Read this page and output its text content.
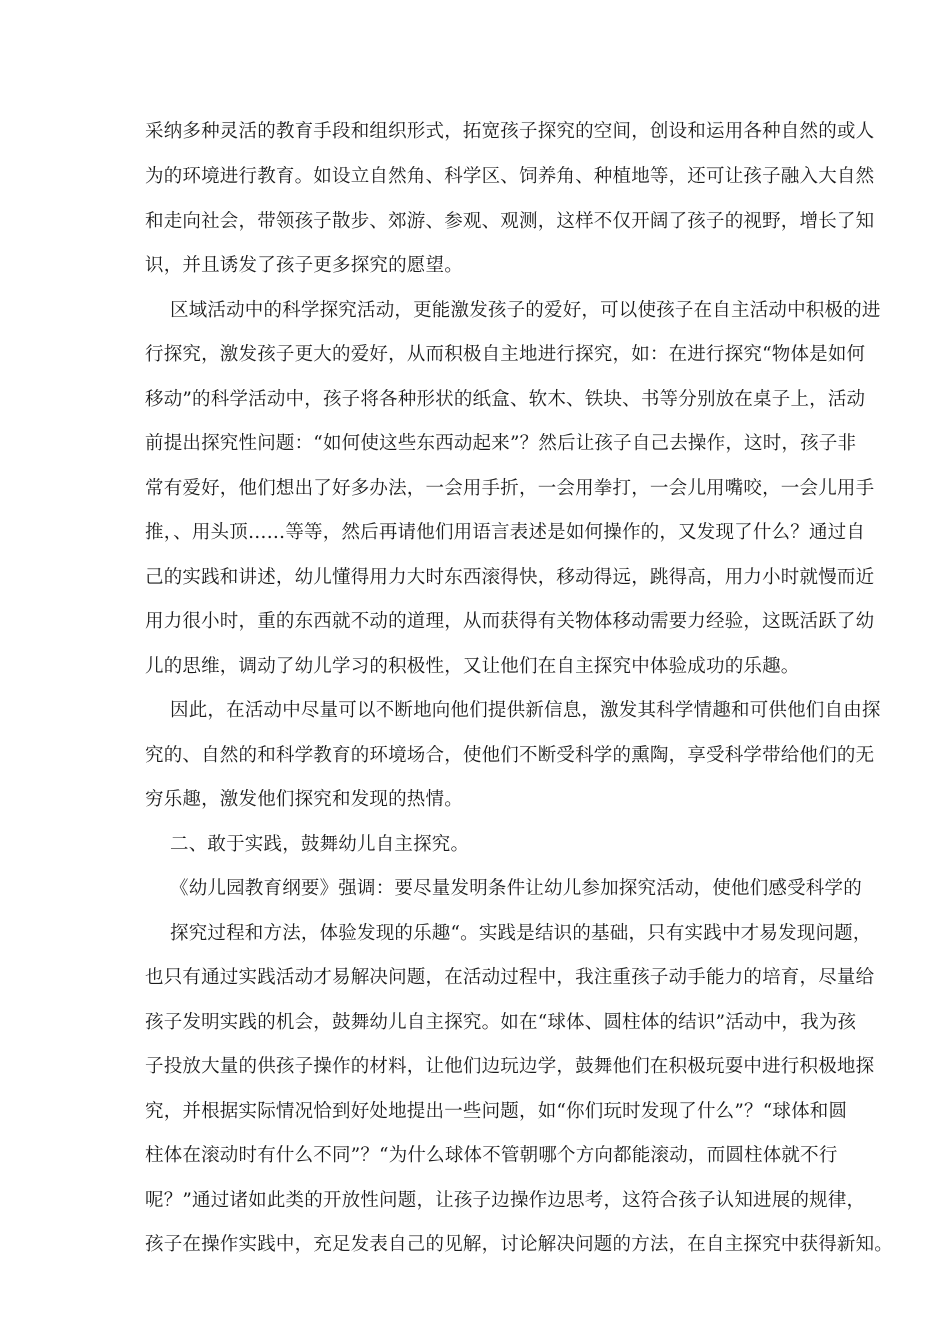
采纳多种灵活的教育手段和组织形式，拓宽孩子探究的空间，创设和运用各种自然的或人
为的环境进行教育。如设立自然角、科学区、饲养角、种植地等，还可让孩子融入大自然
和走向社会，带领孩子散步、郊游、参观、观测，这样不仅开阔了孩子的视野，增长了知
识，并且诱发了孩子更多探究的愿望。
区域活动中的科学探究活动，更能激发孩子的爱好，可以使孩子在自主活动中积极的进
行探究，激发孩子更大的爱好，从而积极自主地进行探究，如：在进行探究“物体是如何
移动”的科学活动中，孩子将各种形状的纸盒、软木、铁块、书等分别放在桌子上，活动
前提出探究性问题：“如何使这些东西动起来”？然后让孩子自己去操作，这时，孩子非
常有爱好，他们想出了好多办法，一会用手折，一会用拳打，一会儿用嘴咬，一会儿用手
推，、用头顶……等等，然后再请他们用语言表述是如何操作的，又发现了什么？通过自
己的实践和讲述，幼儿懂得用力大时东西滚得快，移动得远，跳得高，用力小时就慢而近
用力很小时，重的东西就不动的道理，从而获得有关物体移动需要力经验，这既活跃了幼
儿的思维，调动了幼儿学习的积极性，又让他们在自主探究中体验成功的乐趣。
因此，在活动中尽量可以不断地向他们提供新信息，激发其科学情趣和可供他们自由探
究的、自然的和科学教育的环境场合，使他们不断受科学的熏陶，享受科学带给他们的无
穷乐趣，激发他们探究和发现的热情。
二、敢于实践，鼓舞幼儿自主探究。
《幼儿园教育纲要》强调：要尽量发明条件让幼儿参加探究活动，使他们感受科学的
探究过程和方法，体验发现的乐趣“。实践是结识的基础，只有实践中才易发现问题，
也只有通过实践活动才易解决问题，在活动过程中，我注重孩子动手能力的培育，尽量给
孩子发明实践的机会，鼓舞幼儿自主探究。如在“球体、圆柱体的结识”活动中，我为孩
子投放大量的供孩子操作的材料，让他们边玩边学，鼓舞他们在积极玩耍中进行积极地探
究，并根据实际情况恰到好处地提出一些问题，如“你们玩时发现了什么”？“球体和圆
柱体在滚动时有什么不同”？“为什么球体不管朝哪个方向都能滚动，而圆柱体就不行
呢？”通过诸如此类的开放性问题，让孩子边操作边思考，这符合孩子认知进展的规律，
孩子在操作实践中，充足发表自己的见解，讨论解决问题的方法，在自主探究中获得新知。
